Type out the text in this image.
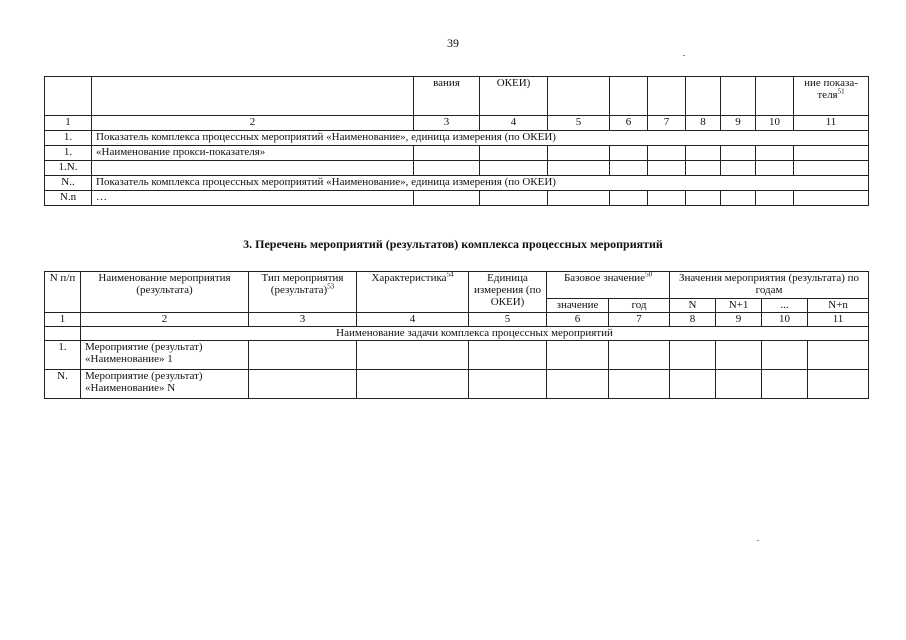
39
		вания	ОКЕИ)							ние показа-теля$^{51}$
1	2	3	4	5	6	7	8	9	10	11
1.	Показатель комплекса процессных мероприятий «Наименование», единица измерения (по ОКЕИ)									
1.	«Наименование прокси-показателя»									
1.N.										
N..	Показатель комплекса процессных мероприятий «Наименование», единица измерения (по ОКЕИ)									
N.n	…									
3. Перечень мероприятий (результатов) комплекса процессных мероприятий
N п/п	Наименование мероприятия (результата)	Тип мероприятия (результата)$^{53}$	Характеристика$^{54}$	Единица измерения (по ОКЕИ)	Базовое значение$^{50}$		Значения мероприятия (результата) по годам			
					значение	год	N	N+1	...	N+n
1	2	3	4	5	6	7	8	9	10	11
	Наименование задачи комплекса процессных мероприятий									
1.	Мероприятие (результат) «Наименование» 1									
N.	Мероприятие (результат) «Наименование» N									
